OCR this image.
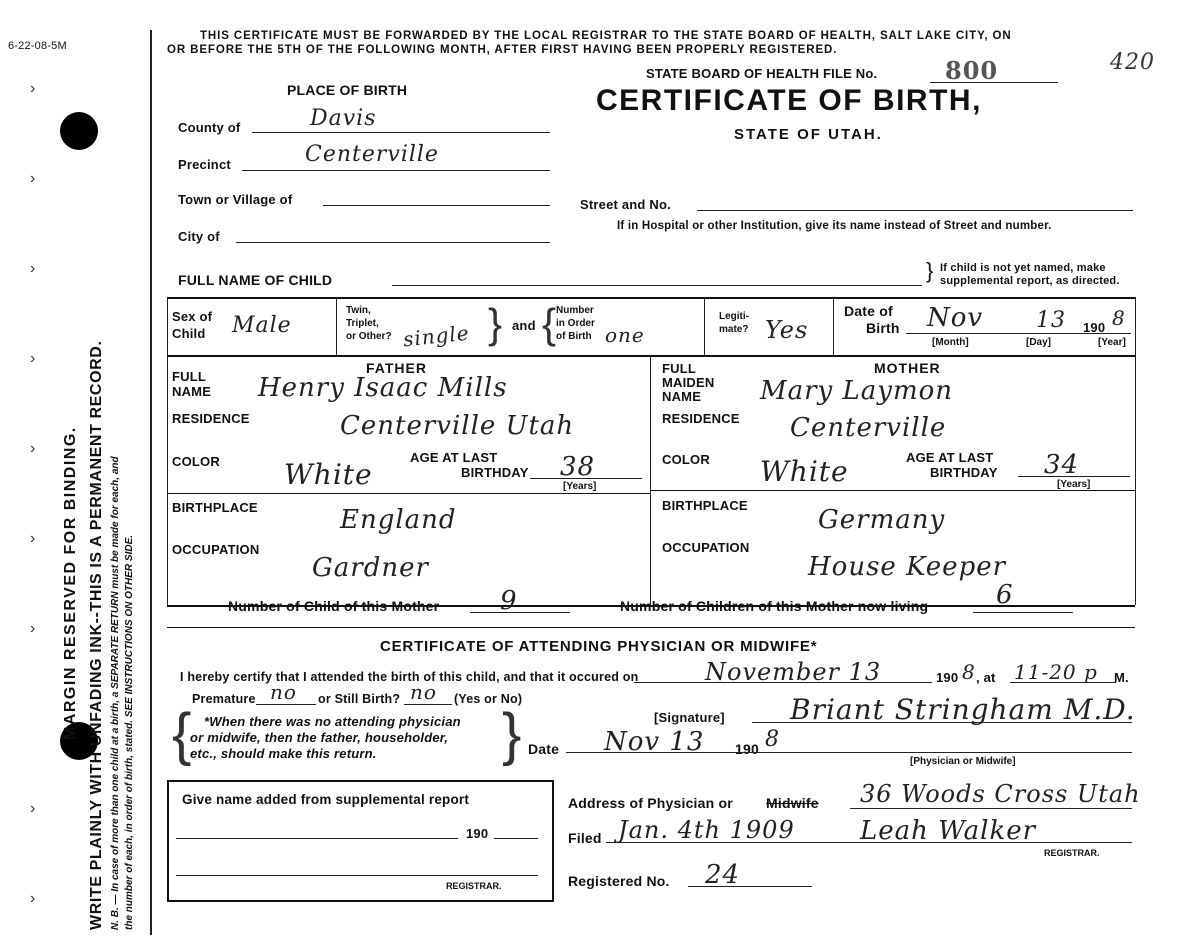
6-22-08-5M
›
›
›
›
›
›
›
›
›
MARGIN RESERVED FOR BINDING. WRITE PLAINLY WITH UNFADING INK--THIS IS A PERMANENT RECORD. N. B. — In case of more than one child at a birth, a SEPARATE RETURN must be made for each, and the number of each, in order of birth, stated. SEE INSTRUCTIONS ON OTHER SIDE.
THIS CERTIFICATE MUST BE FORWARDED BY THE LOCAL REGISTRAR TO THE STATE BOARD OF HEALTH, SALT LAKE CITY, ON
OR BEFORE THE 5TH OF THE FOLLOWING MONTH, AFTER FIRST HAVING BEEN PROPERLY REGISTERED.
STATE BOARD OF HEALTH FILE No.	800	420
CERTIFICATE OF BIRTH,
STATE OF UTAH.
PLACE OF BIRTH
County of	Davis
Precinct	Centerville
Town or Village of
City of
Street and No.
If in Hospital or other Institution, give its name instead of Street and number.
FULL NAME OF CHILD	} If child is not yet named, make
supplemental report, as directed.
Sex of
Child Male
Twin,
Triplet,
or Other? single } and { Number
in Order
of Birth one
Legiti-
mate? Yes
Date of
Birth Nov 13 190 8
[Month]	[Day]	[Year]
FATHER
FULL
NAME Henry Isaac Mills
RESIDENCE	Centerville Utah
COLOR White
AGE AT LAST
BIRTHDAY 38
[Years]
BIRTHPLACE	England
OCCUPATION
Gardner
MOTHER
FULL
MAIDEN
NAME Mary Laymon
RESIDENCE Centerville
COLOR White	AGE AT LAST
BIRTHDAY 34
[Years]
BIRTHPLACE	Germany
OCCUPATION
House Keeper
Number of Child of this Mother 9	Number of Children of this Mother now living	6
CERTIFICATE OF ATTENDING PHYSICIAN OR MIDWIFE*
I hereby certify that I attended the birth of this child, and that it occured on	November 13	190 8 , at 11-20 p M.
Premature no or Still Birth? no (Yes or No)
{ *When there was no attending physician
or midwife, then the father, householder,
etc., should make this return. }	[Signature] Briant Stringham M.D.
Date Nov 13 190 8
[Physician or Midwife]
Give name added from supplemental report
190
REGISTRAR.
Address of Physician or Midwife 36 Woods Cross Utah
Filed Jan. 4th 1909	Leah Walker
REGISTRAR.
Registered No. 24
